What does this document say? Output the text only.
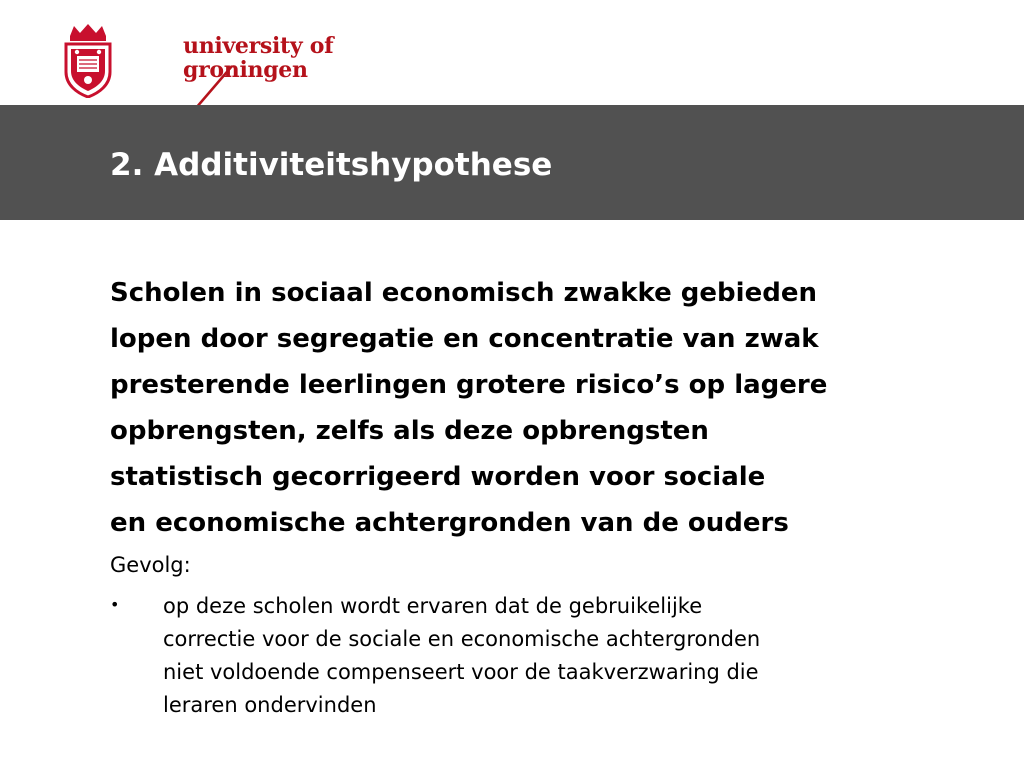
university of
groningen
2. Additiviteitshypothese
Scholen in sociaal economisch zwakke gebieden
lopen door segregatie en concentratie van zwak
presterende leerlingen grotere risico’s op lagere
opbrengsten, zelfs als deze opbrengsten
statistisch gecorrigeerd worden voor sociale
en economische achtergronden van de ouders
Gevolg:
• op deze scholen wordt ervaren dat de gebruikelijke
correctie voor de sociale en economische achtergronden
niet voldoende compenseert voor de taakverzwaring die
leraren ondervinden
